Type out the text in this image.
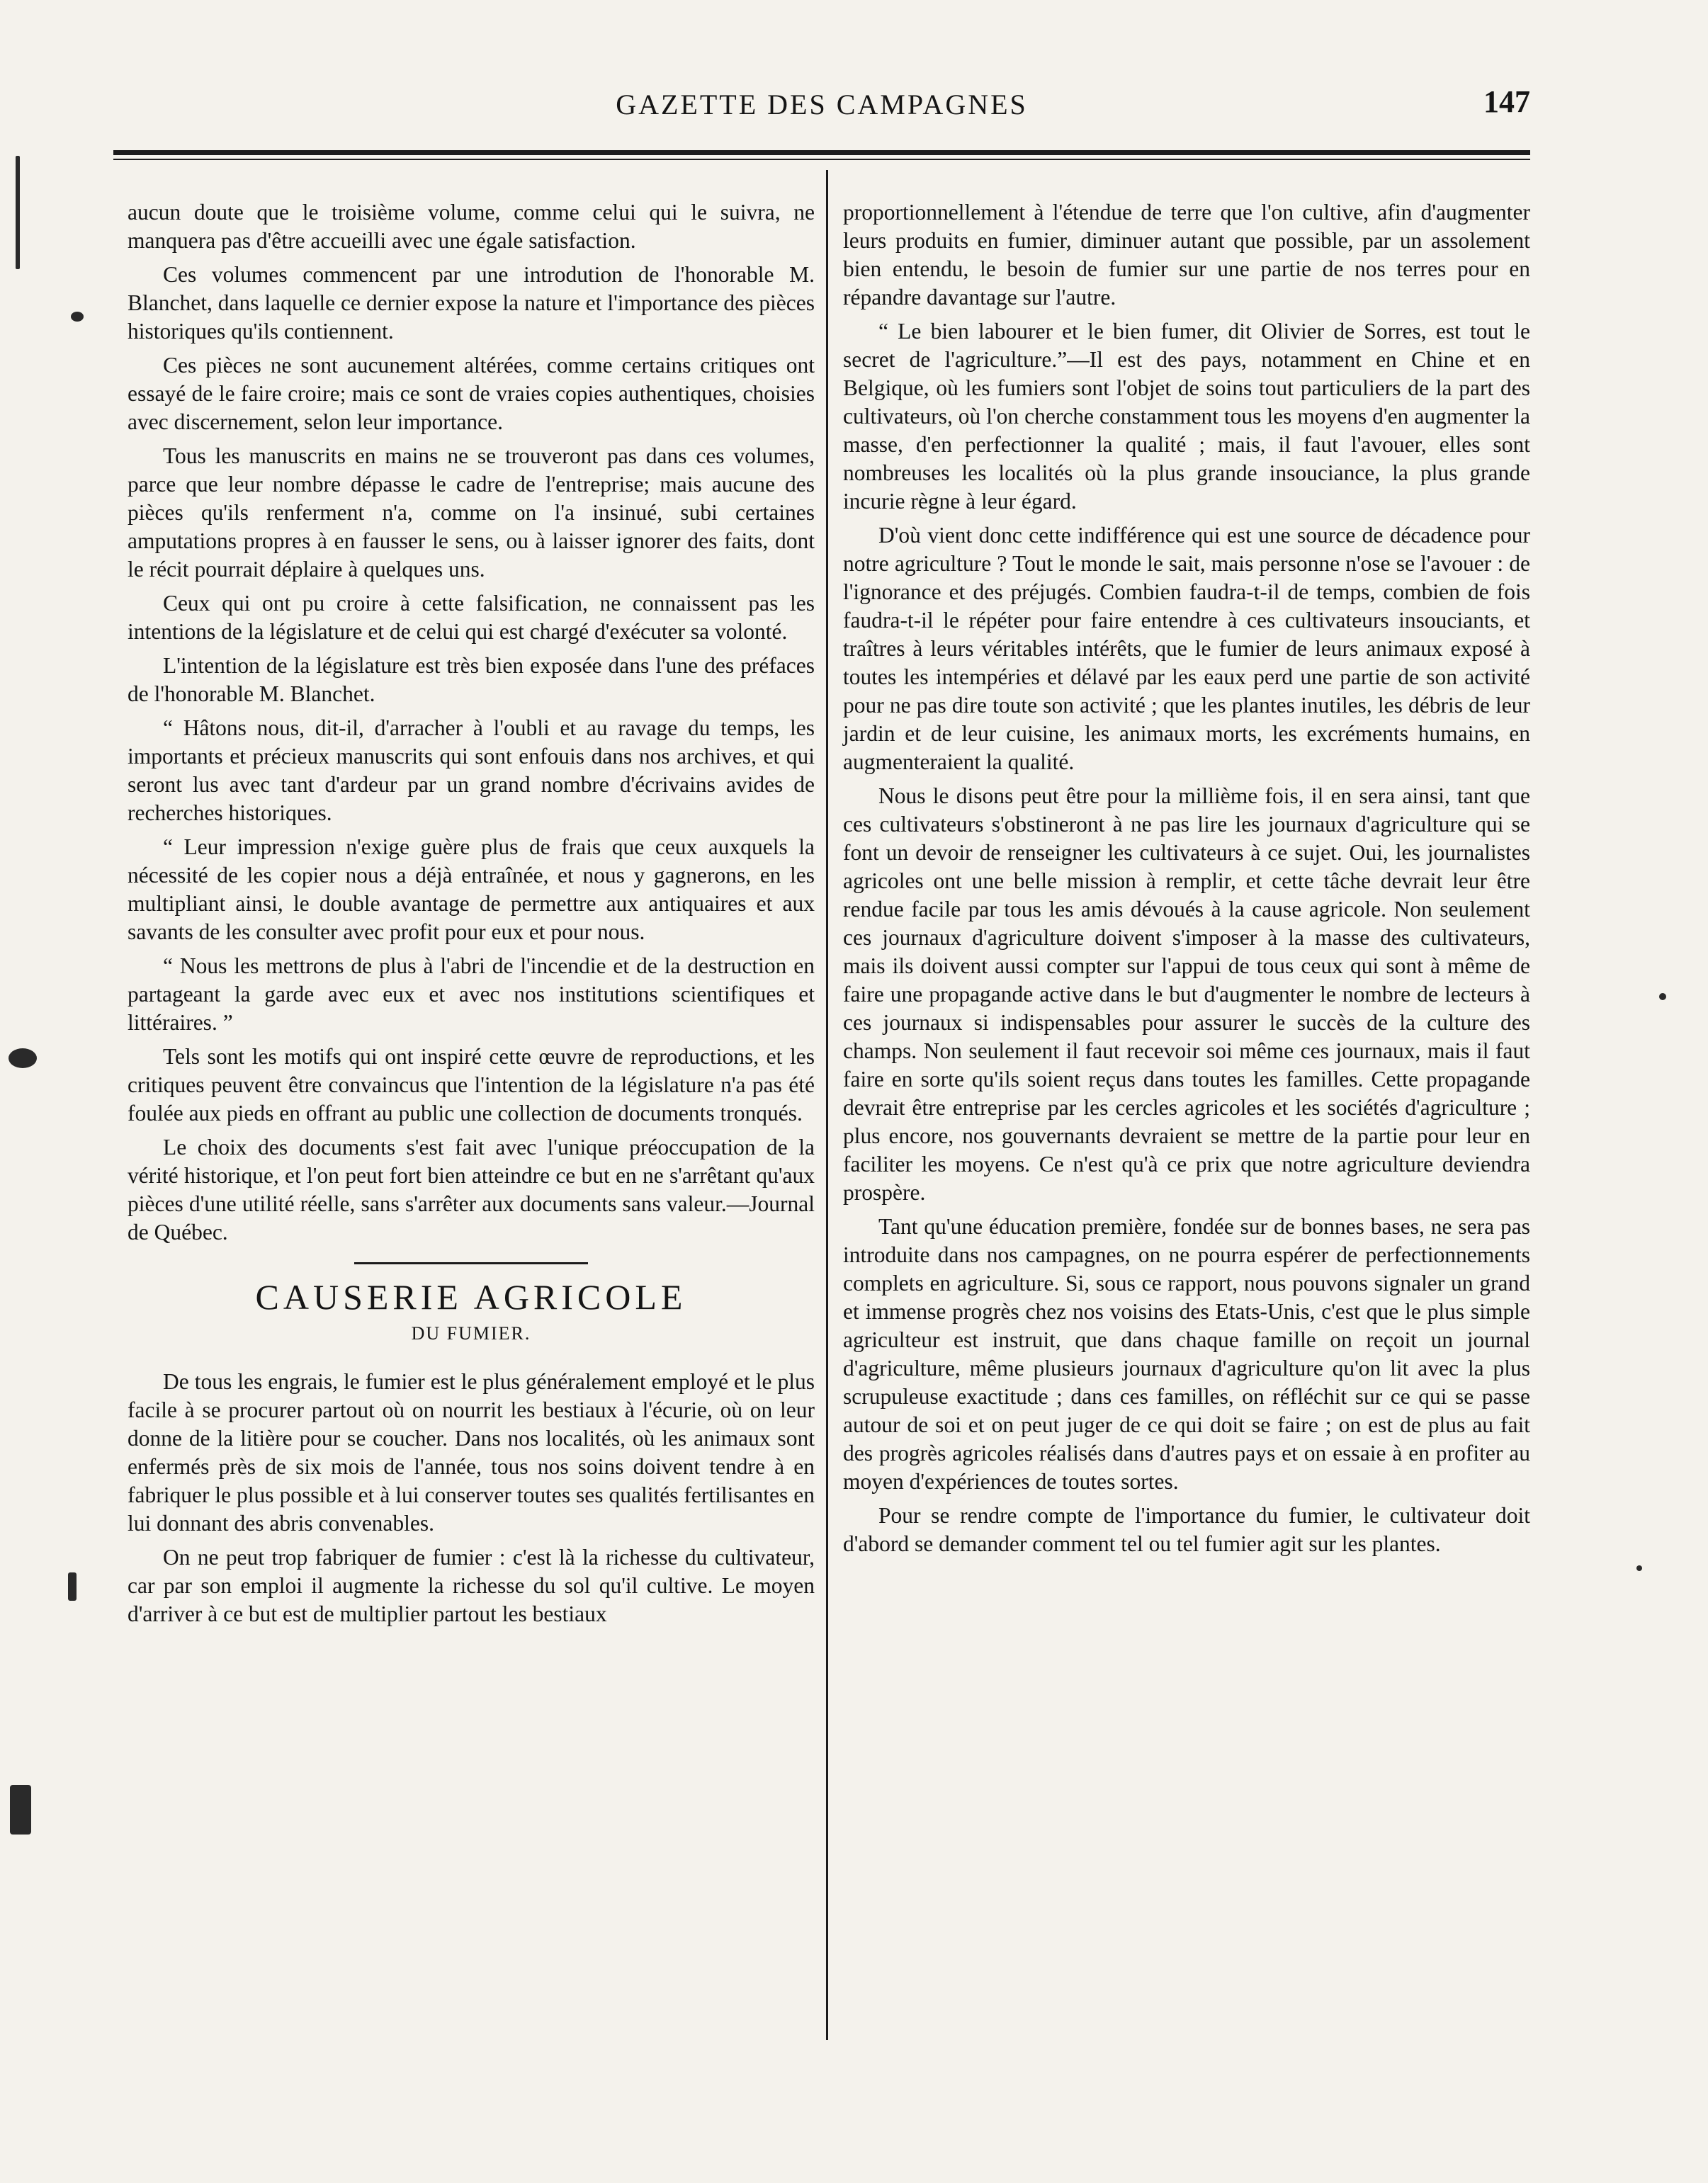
GAZETTE DES CAMPAGNES	147

aucun doute que le troisième volume, comme celui qui le suivra, ne manquera pas d'être accueilli avec une égale satisfaction.

Ces volumes commencent par une introdution de l'honorable M. Blanchet, dans laquelle ce dernier expose la nature et l'importance des pièces historiques qu'ils contiennent.

Ces pièces ne sont aucunement altérées, comme certains critiques ont essayé de le faire croire; mais ce sont de vraies copies authentiques, choisies avec discernement, selon leur importance.

Tous les manuscrits en mains ne se trouveront pas dans ces volumes, parce que leur nombre dépasse le cadre de l'entreprise; mais aucune des pièces qu'ils renferment n'a, comme on l'a insinué, subi certaines amputations propres à en fausser le sens, ou à laisser ignorer des faits, dont le récit pourrait déplaire à quelques uns.

Ceux qui ont pu croire à cette falsification, ne connaissent pas les intentions de la législature et de celui qui est chargé d'exécuter sa volonté.

L'intention de la législature est très bien exposée dans l'une des préfaces de l'honorable M. Blanchet.

“ Hâtons nous, dit-il, d'arracher à l'oubli et au ravage du temps, les importants et précieux manuscrits qui sont enfouis dans nos archives, et qui seront lus avec tant d'ardeur par un grand nombre d'écrivains avides de recherches historiques.

“ Leur impression n'exige guère plus de frais que ceux auxquels la nécessité de les copier nous a déjà entraînée, et nous y gagnerons, en les multipliant ainsi, le double avantage de permettre aux antiquaires et aux savants de les consulter avec profit pour eux et pour nous.

“ Nous les mettrons de plus à l'abri de l'incendie et de la destruction en partageant la garde avec eux et avec nos institutions scientifiques et littéraires. ”

Tels sont les motifs qui ont inspiré cette œuvre de reproductions, et les critiques peuvent être convaincus que l'intention de la législature n'a pas été foulée aux pieds en offrant au public une collection de documents tronqués.

Le choix des documents s'est fait avec l'unique préoccupation de la vérité historique, et l'on peut fort bien atteindre ce but en ne s'arrêtant qu'aux pièces d'une utilité réelle, sans s'arrêter aux documents sans valeur.—Journal de Québec.

CAUSERIE AGRICOLE
DU FUMIER.

De tous les engrais, le fumier est le plus généralement employé et le plus facile à se procurer partout où on nourrit les bestiaux à l'écurie, où on leur donne de la litière pour se coucher. Dans nos localités, où les animaux sont enfermés près de six mois de l'année, tous nos soins doivent tendre à en fabriquer le plus possible et à lui conserver toutes ses qualités fertilisantes en lui donnant des abris convenables.

On ne peut trop fabriquer de fumier : c'est là la richesse du cultivateur, car par son emploi il augmente la richesse du sol qu'il cultive. Le moyen d'arriver à ce but est de multiplier partout les bestiaux

proportionnellement à l'étendue de terre que l'on cultive, afin d'augmenter leurs produits en fumier, diminuer autant que possible, par un assolement bien entendu, le besoin de fumier sur une partie de nos terres pour en répandre davantage sur l'autre.

“ Le bien labourer et le bien fumer, dit Olivier de Sorres, est tout le secret de l'agriculture.”—Il est des pays, notamment en Chine et en Belgique, où les fumiers sont l'objet de soins tout particuliers de la part des cultivateurs, où l'on cherche constamment tous les moyens d'en augmenter la masse, d'en perfectionner la qualité ; mais, il faut l'avouer, elles sont nombreuses les localités où la plus grande insouciance, la plus grande incurie règne à leur égard.

D'où vient donc cette indifférence qui est une source de décadence pour notre agriculture ? Tout le monde le sait, mais personne n'ose se l'avouer : de l'ignorance et des préjugés. Combien faudra-t-il de temps, combien de fois faudra-t-il le répéter pour faire entendre à ces cultivateurs insouciants, et traîtres à leurs véritables intérêts, que le fumier de leurs animaux exposé à toutes les intempéries et délavé par les eaux perd une partie de son activité pour ne pas dire toute son activité ; que les plantes inutiles, les débris de leur jardin et de leur cuisine, les animaux morts, les excréments humains, en augmenteraient la qualité.

Nous le disons peut être pour la millième fois, il en sera ainsi, tant que ces cultivateurs s'obstineront à ne pas lire les journaux d'agriculture qui se font un devoir de renseigner les cultivateurs à ce sujet. Oui, les journalistes agricoles ont une belle mission à remplir, et cette tâche devrait leur être rendue facile par tous les amis dévoués à la cause agricole. Non seulement ces journaux d'agriculture doivent s'imposer à la masse des cultivateurs, mais ils doivent aussi compter sur l'appui de tous ceux qui sont à même de faire une propagande active dans le but d'augmenter le nombre de lecteurs à ces journaux si indispensables pour assurer le succès de la culture des champs. Non seulement il faut recevoir soi même ces journaux, mais il faut faire en sorte qu'ils soient reçus dans toutes les familles. Cette propagande devrait être entreprise par les cercles agricoles et les sociétés d'agriculture ; plus encore, nos gouvernants devraient se mettre de la partie pour leur en faciliter les moyens. Ce n'est qu'à ce prix que notre agriculture deviendra prospère.

Tant qu'une éducation première, fondée sur de bonnes bases, ne sera pas introduite dans nos campagnes, on ne pourra espérer de perfectionnements complets en agriculture. Si, sous ce rapport, nous pouvons signaler un grand et immense progrès chez nos voisins des Etats-Unis, c'est que le plus simple agriculteur est instruit, que dans chaque famille on reçoit un journal d'agriculture, même plusieurs journaux d'agriculture qu'on lit avec la plus scrupuleuse exactitude ; dans ces familles, on réfléchit sur ce qui se passe autour de soi et on peut juger de ce qui doit se faire ; on est de plus au fait des progrès agricoles réalisés dans d'autres pays et on essaie à en profiter au moyen d'expériences de toutes sortes.

Pour se rendre compte de l'importance du fumier, le cultivateur doit d'abord se demander comment tel ou tel fumier agit sur les plantes.
